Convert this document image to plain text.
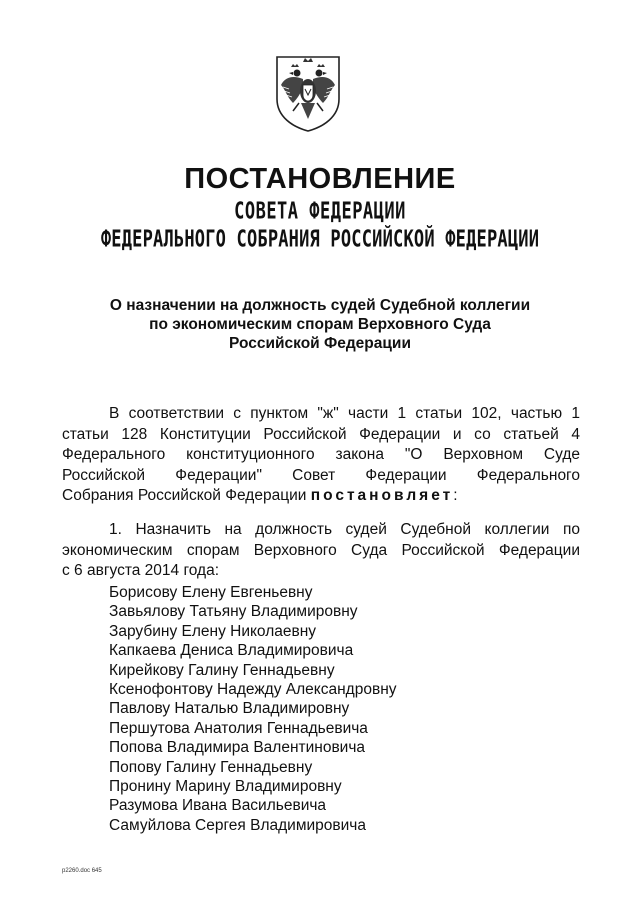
ПОСТАНОВЛЕНИЕ
СОВЕТА ФЕДЕРАЦИИ
ФЕДЕРАЛЬНОГО СОБРАНИЯ РОССИЙСКОЙ ФЕДЕРАЦИИ
О назначении на должность судей Судебной коллегии
по экономическим спорам Верховного Суда
Российской Федерации
В соответствии с пунктом "ж" части 1 статьи 102, частью 1
статьи 128 Конституции Российской Федерации и со статьей 4
Федерального конституционного закона "О Верховном Суде
Российской Федерации" Совет Федерации Федерального
Собрания Российской Федерации постановляет:
1. Назначить на должность судей Судебной коллегии по
экономическим спорам Верховного Суда Российской Федерации
с 6 августа 2014 года:
Борисову Елену Евгеньевну
Завьялову Татьяну Владимировну
Зарубину Елену Николаевну
Капкаева Дениса Владимировича
Кирейкову Галину Геннадьевну
Ксенофонтову Надежду Александровну
Павлову Наталью Владимировну
Першутова Анатолия Геннадьевича
Попова Владимира Валентиновича
Попову Галину Геннадьевну
Пронину Марину Владимировну
Разумова Ивана Васильевича
Самуйлова Сергея Владимировича
р2260.doc 645
